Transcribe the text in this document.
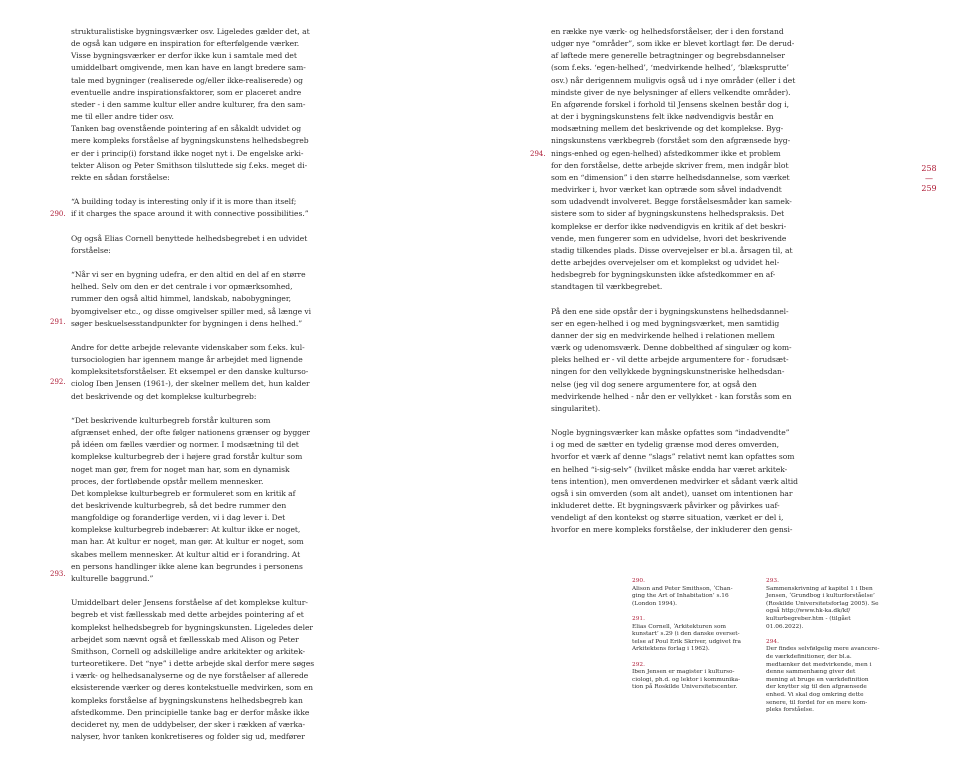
strukturalistiske bygningsværker osv. Ligeledes gælder det, at

de også kan udgøre en inspiration for efterfølgende værker.

Visse bygningsværker er derfor ikke kun i samtale med det

umiddelbart omgivende, men kan have en langt bredere sam-

tale med bygninger (realiserede og/eller ikke-realiserede) og

eventuelle andre inspirationsfaktorer, som er placeret andre

steder - i den samme kultur eller andre kulturer, fra den sam-

me til eller andre tider osv.

Tanken bag ovenstående pointering af en såkaldt udvidet og

mere kompleks forståelse af bygningskunstens helhedsbegreb

er der i princip(i) forstand ikke noget nyt i. De engelske arki-

tekter Alison og Peter Smithson tilsluttede sig f.eks. meget di-

rekte en sådan forståelse:

“A building today is interesting only if it is more than itself;

if it charges the space around it with connective possibilities.”

Og også Elias Cornell benyttede helhedsbegrebet i en udvidet

forståelse:

“Når vi ser en bygning udefra, er den altid en del af en større

helhed. Selv om den er det centrale i vor opmærksomhed,

rummer den også altid himmel, landskab, nabobygninger,

byomgivelser etc., og disse omgivelser spiller med, så længe vi

søger beskuelsesstandpunkter for bygningen i dens helhed.”

Andre for dette arbejde relevante videnskaber som f.eks. kul-

tursociologien har igennem mange år arbejdet med lignende

kompleksitetsforståelser. Et eksempel er den danske kulturso-

ciolog Iben Jensen (1961-), der skelner mellem det, hun kalder

det beskrivende og det komplekse kulturbegreb:

“Det beskrivende kulturbegreb forstår kulturen som

afgrænset enhed, der ofte følger nationens grænser og bygger

på idéen om fælles værdier og normer. I modsætning til det

komplekse kulturbegreb der i højere grad forstår kultur som

noget man gør, frem for noget man har, som en dynamisk

proces, der fortløbende opstår mellem mennesker.

Det komplekse kulturbegreb er formuleret som en kritik af

det beskrivende kulturbegreb, så det bedre rummer den

mangfoldige og foranderlige verden, vi i dag lever i. Det

komplekse kulturbegreb indebærer: At kultur ikke er noget,

man har. At kultur er noget, man gør. At kultur er noget, som

skabes mellem mennesker. At kultur altid er i forandring. At

en persons handlinger ikke alene kan begrundes i personens

kulturelle baggrund.”

Umiddelbart deler Jensens forståelse af det komplekse kultur-

begreb et vist fællesskab med dette arbejdes pointering af et

komplekst helhedsbegreb for bygningskunsten. Ligeledes deler

arbejdet som nævnt også et fællesskab med Alison og Peter

Smithson, Cornell og adskillelige andre arkitekter og arkitek-

turteoretikere. Det “nye” i dette arbejde skal derfor mere søges

i værk- og helhedsanalyserne og de nye forståelser af allerede

eksisterende værker og deres kontekstuelle medvirken, som en

kompleks forståelse af bygningskunstens helhedsbegreb kan

afstedkomme. Den principielle tanke bag er derfor måske ikke

decideret ny, men de uddybelser, der sker i rækken af værka-

nalyser, hvor tanken konkretiseres og folder sig ud, medfører

en række nye værk- og helhedsforståelser, der i den forstand

udgør nye “områder”, som ikke er blevet kortlagt før. De derud-

af løftede mere generelle betragtninger og begrebsdannelser

(som f.eks. ‘egen-helhed’, ‘medvirkende helhed’, ‘blæksprutte’

osv.) når derigennem muligvis også ud i nye områder (eller i det

mindste giver de nye belysninger af ellers velkendte områder).

En afgørende forskel i forhold til Jensens skelnen består dog i,

at der i bygningskunstens felt ikke nødvendigvis består en

modsætning mellem det beskrivende og det komplekse. Byg-

ningskunstens værkbegreb (forstået som den afgrænsede byg-

nings-enhed og egen-helhed) afstedkommer ikke et problem

for den forståelse, dette arbejde skriver frem, men indgår blot

som en “dimension” i den større helhedsdannelse, som værket

medvirker i, hvor værket kan optræde som såvel indadvendt

som udadvendt involveret. Begge forståelsesmåder kan samek-

sistere som to sider af bygningskunstens helhedspraksis. Det

komplekse er derfor ikke nødvendigvis en kritik af det beskri-

vende, men fungerer som en udvidelse, hvori det beskrivende

stadig tilkendes plads. Disse overvejelser er bl.a. årsagen til, at

dette arbejdes overvejelser om et komplekst og udvidet hel-

hedsbegreb for bygningskunsten ikke afstedkommer en af-

standtagen til værkbegrebet.

På den ene side opstår der i bygningskunstens helhedsdannel-

ser en egen-helhed i og med bygningsværket, men samtidig

danner der sig en medvirkende helhed i relationen mellem

værk og udenomsværk. Denne dobbelthed af singulær og kom-

pleks helhed er - vil dette arbejde argumentere for - forudsæt-

ningen for den vellykkede bygningskunstneriske helhedsdan-

nelse (jeg vil dog senere argumentere for, at også den

medvirkende helhed - når den er vellykket - kan forstås som en

singularitet).

Nogle bygningsværker kan måske opfattes som “indadvendte”

i og med de sætter en tydelig grænse mod deres omverden,

hvorfor et værk af denne “slags” relativt nemt kan opfattes som

en helhed “i-sig-selv” (hvilket måske endda har været arkitek-

tens intention), men omverdenen medvirker et sådant værk altid

også i sin omverden (som alt andet), uanset om intentionen har

inkluderet dette. Et bygningsværk påvirker og påvirkes uaf-

vendeligt af den kontekst og større situation, værket er del i,

hvorfor en mere kompleks forståelse, der inkluderer den gensi-

290.
291.
292.
293.
294.
258
—
259

290.

Alison and Peter Smithson, ‘Chan-

ging the Art of Inhabitation’ s.16

(London 1994).

291.

Elias Cornell, ‘Arkitekturen som

kunstart’ s.29 (i den danske overset-

telse af Poul Erik Skriver, udgivet fra

Arkitektens forlag i 1962).

292.

Iben Jensen er magister i kulturso-

ciologi, ph.d. og lektor i kommunika-

tion på Roskilde Universitetscenter.

293.

Sammenskrivning af kapitel 1 i Iben

Jensen, ‘Grundbog i kulturforståelse’

(Roskilde Universitetsforlag 2005). Se

også http://www.hk-ka.dk/kf/

kulturbegreber.htm - (tilgået

01.06.2022).

294.

Der findes selvfølgelig mere avancere-

de værkdefinitioner, der bl.a.

medtænker det medvirkende, men i

denne sammenhæng giver det

mening at bruge en værkdefinition

der knytter sig til den afgrænsede

enhed. Vi skal dog omkring dette

senere, til fordel for en mere kom-

pleks forståelse.
